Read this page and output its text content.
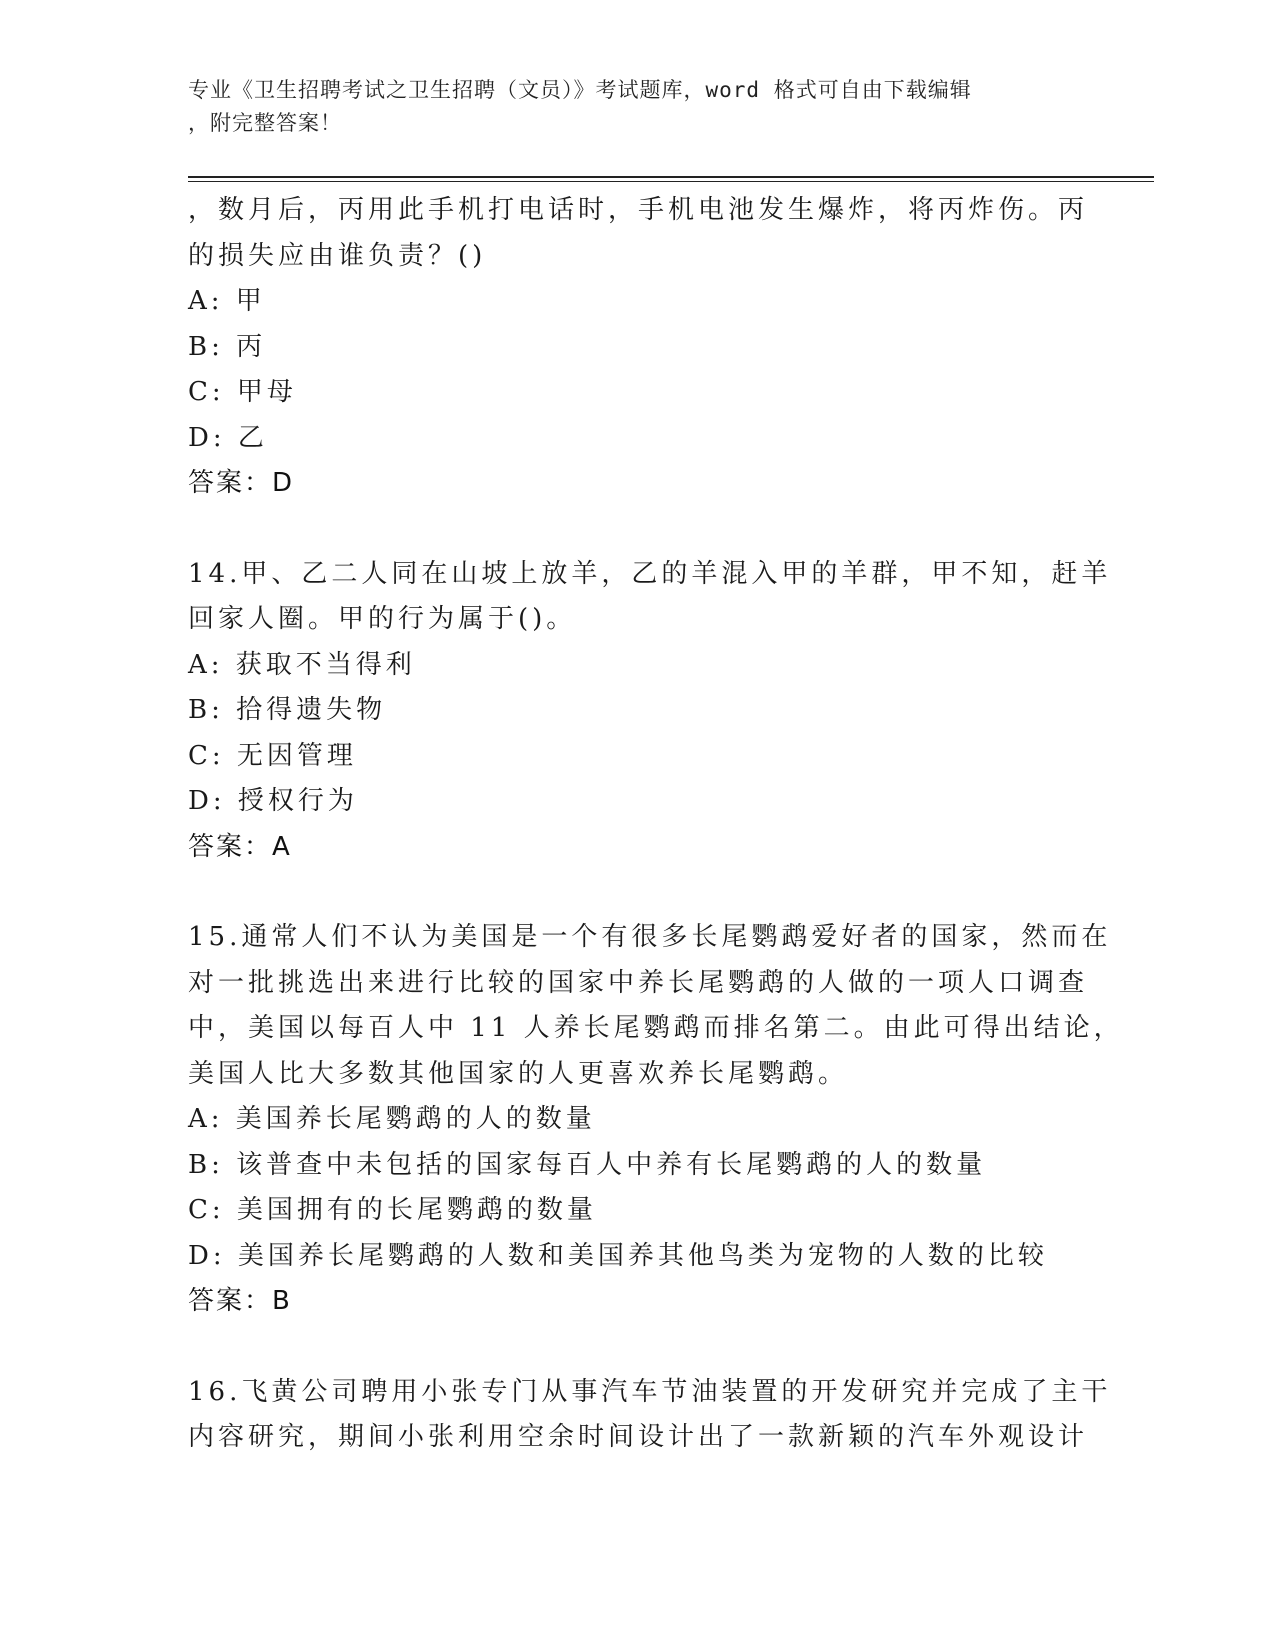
专业《卫生招聘考试之卫生招聘（文员）》考试题库，word 格式可自由下载编辑
，附完整答案！
，数月后，丙用此手机打电话时，手机电池发生爆炸，将丙炸伤。丙
的损失应由谁负责？()
A: 甲
B: 丙
C: 甲母
D: 乙
答案：D
14.甲、乙二人同在山坡上放羊，乙的羊混入甲的羊群，甲不知，赶羊
回家人圈。甲的行为属于()。
A: 获取不当得利
B: 拾得遗失物
C: 无因管理
D: 授权行为
答案：A
15.通常人们不认为美国是一个有很多长尾鹦鹉爱好者的国家，然而在
对一批挑选出来进行比较的国家中养长尾鹦鹉的人做的一项人口调查
中，美国以每百人中 11 人养长尾鹦鹉而排名第二。由此可得出结论，
美国人比大多数其他国家的人更喜欢养长尾鹦鹉。
A: 美国养长尾鹦鹉的人的数量
B: 该普查中未包括的国家每百人中养有长尾鹦鹉的人的数量
C: 美国拥有的长尾鹦鹉的数量
D: 美国养长尾鹦鹉的人数和美国养其他鸟类为宠物的人数的比较
答案：B
16.飞黄公司聘用小张专门从事汽车节油装置的开发研究并完成了主干
内容研究，期间小张利用空余时间设计出了一款新颖的汽车外观设计
